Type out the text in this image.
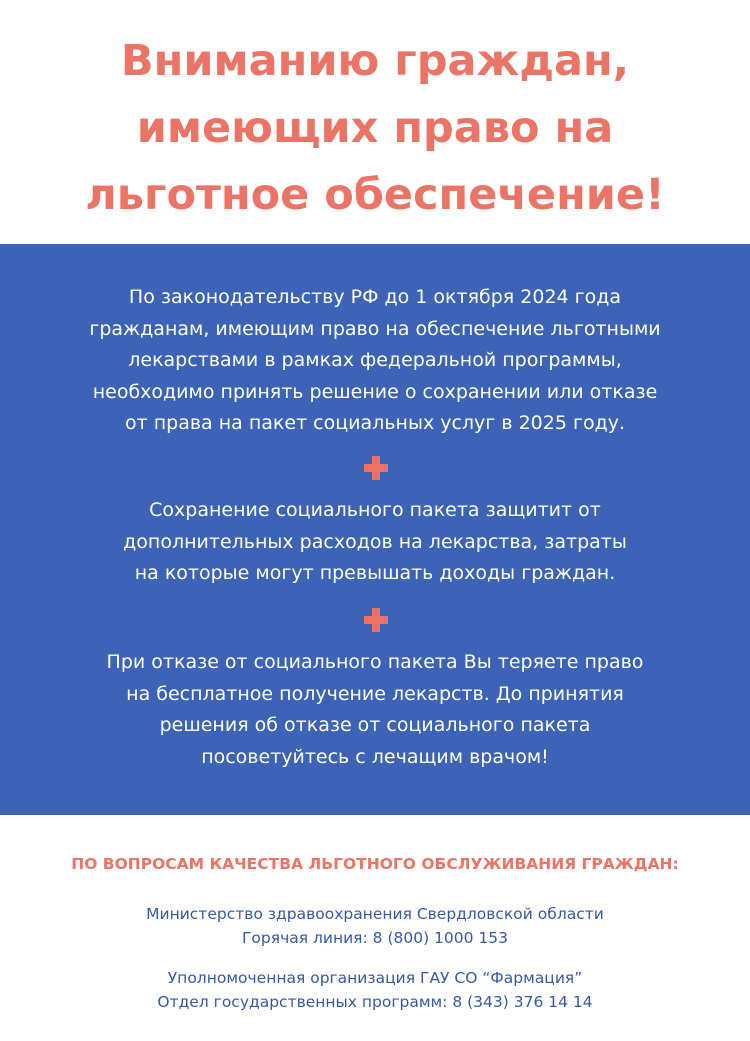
Вниманию граждан,
имеющих право на
льготное обеспечение!

По законодательству РФ до 1 октября 2024 года
гражданам, имеющим право на обеспечение льготными
лекарствами в рамках федеральной программы,
необходимо принять решение о сохранении или отказе
от права на пакет социальных услуг в 2025 году.

Сохранение социального пакета защитит от
дополнительных расходов на лекарства, затраты
на которые могут превышать доходы граждан.

При отказе от социального пакета Вы теряете право
на бесплатное получение лекарств. До принятия
решения об отказе от социального пакета
посоветуйтесь с лечащим врачом!

ПО ВОПРОСАМ КАЧЕСТВА ЛЬГОТНОГО ОБСЛУЖИВАНИЯ ГРАЖДАН:

Министерство здравоохранения Свердловской области
Горячая линия: 8 (800) 1000 153

Уполномоченная организация ГАУ СО “Фармация”
Отдел государственных программ: 8 (343) 376 14 14
